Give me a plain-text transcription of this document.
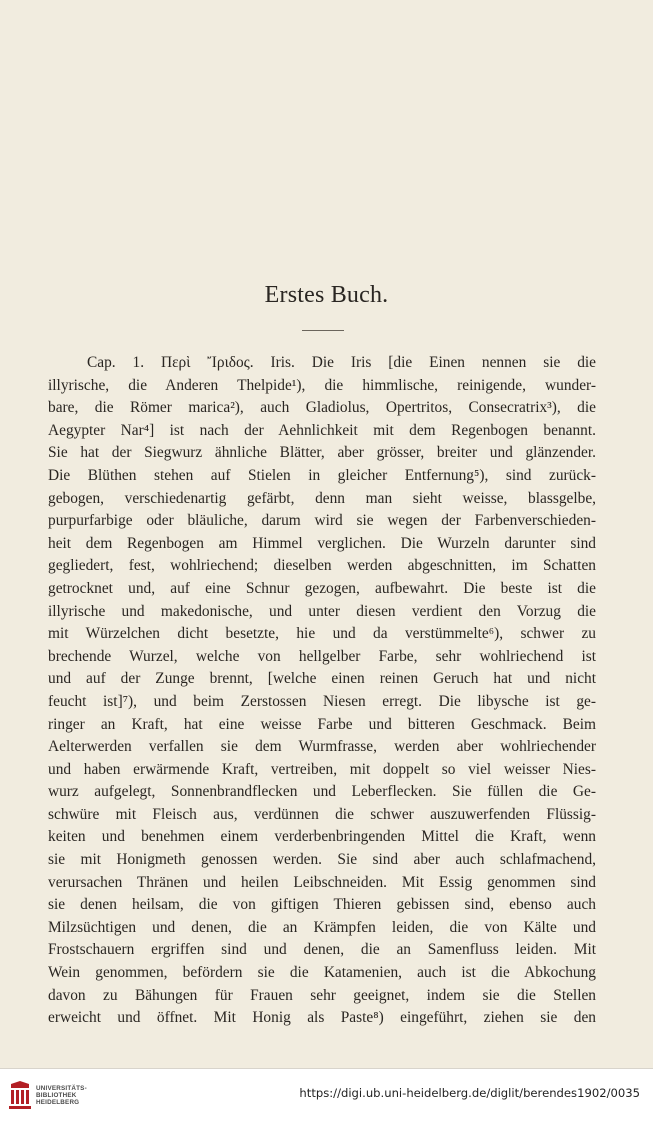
Erstes Buch.
Cap. 1. Περὶ Ἴριδος. Iris. Die Iris [die Einen nennen sie die
illyrische, die Anderen Thelpide¹), die himmlische, reinigende, wunder-
bare, die Römer marica²), auch Gladiolus, Opertritos, Consecratrix³), die
Aegypter Nar⁴] ist nach der Aehnlichkeit mit dem Regenbogen benannt.
Sie hat der Siegwurz ähnliche Blätter, aber grösser, breiter und glänzender.
Die Blüthen stehen auf Stielen in gleicher Entfernung⁵), sind zurück-
gebogen, verschiedenartig gefärbt, denn man sieht weisse, blassgelbe,
purpurfarbige oder bläuliche, darum wird sie wegen der Farbenverschieden-
heit dem Regenbogen am Himmel verglichen. Die Wurzeln darunter sind
gegliedert, fest, wohlriechend; dieselben werden abgeschnitten, im Schatten
getrocknet und, auf eine Schnur gezogen, aufbewahrt. Die beste ist die
illyrische und makedonische, und unter diesen verdient den Vorzug die
mit Würzelchen dicht besetzte, hie und da verstümmelte⁶), schwer zu
brechende Wurzel, welche von hellgelber Farbe, sehr wohlriechend ist
und auf der Zunge brennt, [welche einen reinen Geruch hat und nicht
feucht ist]⁷), und beim Zerstossen Niesen erregt. Die libysche ist ge-
ringer an Kraft, hat eine weisse Farbe und bitteren Geschmack. Beim
Aelterwerden verfallen sie dem Wurmfrasse, werden aber wohlriechender
und haben erwärmende Kraft, vertreiben, mit doppelt so viel weisser Nies-
wurz aufgelegt, Sonnenbrandflecken und Leberflecken. Sie füllen die Ge-
schwüre mit Fleisch aus, verdünnen die schwer auszuwerfenden Flüssig-
keiten und benehmen einem verderbenbringenden Mittel die Kraft, wenn
sie mit Honigmeth genossen werden. Sie sind aber auch schlafmachend,
verursachen Thränen und heilen Leibschneiden. Mit Essig genommen sind
sie denen heilsam, die von giftigen Thieren gebissen sind, ebenso auch
Milzsüchtigen und denen, die an Krämpfen leiden, die von Kälte und
Frostschauern ergriffen sind und denen, die an Samenfluss leiden. Mit
Wein genommen, befördern sie die Katamenien, auch ist die Abkochung
davon zu Bähungen für Frauen sehr geeignet, indem sie die Stellen
erweicht und öffnet. Mit Honig als Paste⁸) eingeführt, ziehen sie den
UNIVERSITÄTS-
BIBLIOTHEK
HEIDELBERG
https://digi.ub.uni-heidelberg.de/diglit/berendes1902/0035
